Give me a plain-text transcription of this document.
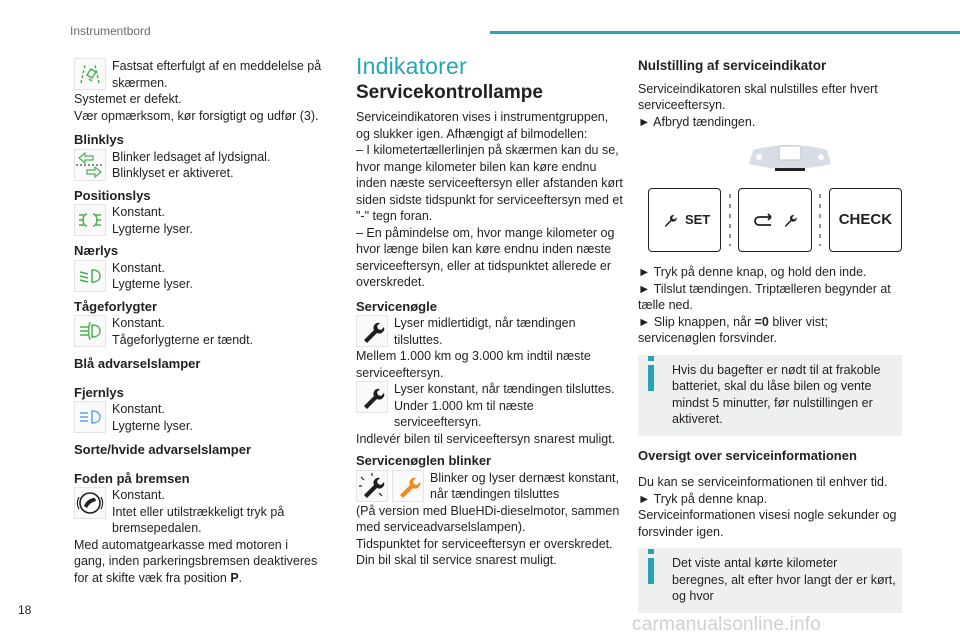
Instrumentbord

Fastsat efterfulgt af en meddelelse på skærmen.

Systemet er defekt.

Vær opmærksom, kør forsigtigt og udfør (3).

Blinklys

Blinker ledsaget af lydsignal.

Blinklyset er aktiveret.

Positionslys

Konstant.

Lygterne lyser.

Nærlys

Konstant.

Lygterne lyser.

Tågeforlygter

Konstant.

Tågeforlygterne er tændt.

Blå advarselslamper

Fjernlys

Konstant.

Lygterne lyser.

Sorte/hvide advarselslamper

Foden på bremsen

Konstant.

Intet eller utilstrækkeligt tryk på bremsepedalen.

Med automatgearkasse med motoren i gang, inden parkeringsbremsen deaktiveres for at skifte væk fra position P.

Indikatorer

Servicekontrollampe

Serviceindikatoren vises i instrumentgruppen, og slukker igen. Afhængigt af bilmodellen:

– I kilometertællerlinjen på skærmen kan du se, hvor mange kilometer bilen kan køre endnu inden næste serviceeftersyn eller afstanden kørt siden sidste tidspunkt for serviceeftersyn med et "-" tegn foran.

– En påmindelse om, hvor mange kilometer og hvor længe bilen kan køre endnu inden næste serviceeftersyn, eller at tidspunktet allerede er overskredet.

Servicenøgle

Lyser midlertidigt, når tændingen tilsluttes.

Mellem 1.000 km og 3.000 km indtil næste serviceeftersyn.

Lyser konstant, når tændingen tilsluttes.

Under 1.000 km til næste serviceeftersyn.

Indlevér bilen til serviceeftersyn snarest muligt.

Servicenøglen blinker

Blinker og lyser dernæst konstant, når tændingen tilsluttes

(På version med BlueHDi-dieselmotor, sammen med serviceadvarselslampen).

Tidspunktet for serviceeftersyn er overskredet.

Din bil skal til service snarest muligt.

Nulstilling af serviceindikator

Serviceindikatoren skal nulstilles efter hvert serviceeftersyn.

► Afbryd tændingen.

SET	CHECK

► Tryk på denne knap, og hold den inde.

► Tilslut tændingen. Triptælleren begynder at tælle ned.

► Slip knappen, når =0 bliver vist; servicenøglen forsvinder.

Hvis du bagefter er nødt til at frakoble batteriet, skal du låse bilen og vente mindst 5 minutter, før nulstillingen er aktiveret.

Oversigt over serviceinformationen

Du kan se serviceinformationen til enhver tid.

► Tryk på denne knap.

Serviceinformationen visesi nogle sekunder og forsvinder igen.

Det viste antal kørte kilometer beregnes, alt efter hvor langt der er kørt, og hvor

18
carmanualsonline.info
